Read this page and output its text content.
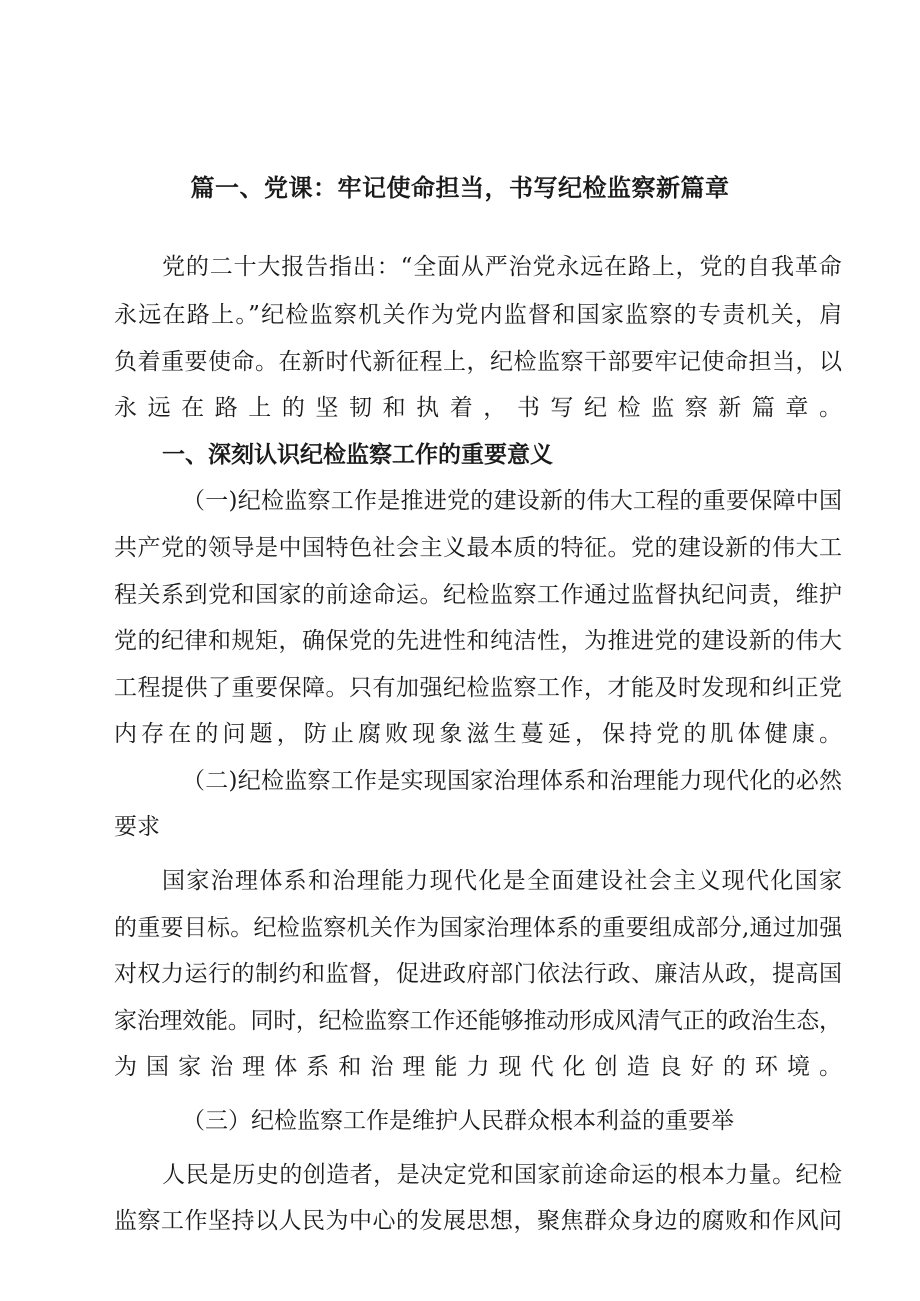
篇一、党课：牢记使命担当，书写纪检监察新篇章
党的二十大报告指出：“全面从严治党永远在路上，党的自我革命
永远在路上。”纪检监察机关作为党内监督和国家监察的专责机关，肩
负着重要使命。在新时代新征程上，纪检监察干部要牢记使命担当，以
永远在路上的坚韧和执着，书写纪检监察新篇章。
一、深刻认识纪检监察工作的重要意义
（一)纪检监察工作是推进党的建设新的伟大工程的重要保障中国
共产党的领导是中国特色社会主义最本质的特征。党的建设新的伟大工
程关系到党和国家的前途命运。纪检监察工作通过监督执纪问责，维护
党的纪律和规矩，确保党的先进性和纯洁性，为推进党的建设新的伟大
工程提供了重要保障。只有加强纪检监察工作，才能及时发现和纠正党
内存在的问题，防止腐败现象滋生蔓延，保持党的肌体健康。
（二)纪检监察工作是实现国家治理体系和治理能力现代化的必然
要求
国家治理体系和治理能力现代化是全面建设社会主义现代化国家
的重要目标。纪检监察机关作为国家治理体系的重要组成部分,通过加强
对权力运行的制约和监督，促进政府部门依法行政、廉洁从政，提高国
家治理效能。同时，纪检监察工作还能够推动形成风清气正的政治生态，
为国家治理体系和治理能力现代化创造良好的环境。
（三）纪检监察工作是维护人民群众根本利益的重要举
人民是历史的创造者，是决定党和国家前途命运的根本力量。纪检
监察工作坚持以人民为中心的发展思想，聚焦群众身边的腐败和作风问
